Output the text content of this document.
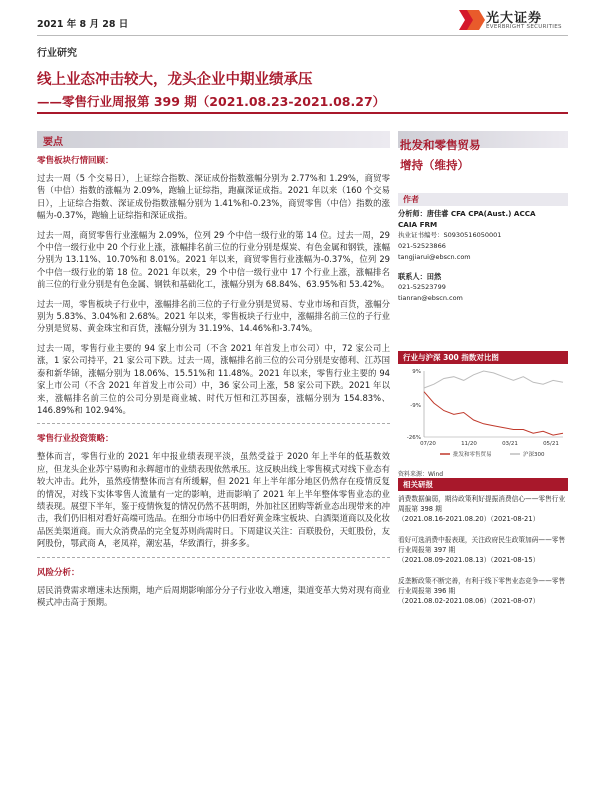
2021 年 8 月 28 日	光大证券
EVERBRIGHT SECURITIES
行业研究
线上业态冲击较大，龙头企业中期业绩承压
——零售行业周报第 399 期（2021.08.23-2021.08.27）
要点
零售板块行情回顾：
过去一周（5 个交易日），上证综合指数、深证成份指数涨幅分别为 2.77%和 1.29%，商贸零售（中信）指数的涨幅为 2.09%，跑输上证综指，跑赢深证成指。2021 年以来（160 个交易日），上证综合指数、深证成份指数涨幅分别为 1.41%和-0.23%，商贸零售（中信）指数的涨幅为-0.37%，跑输上证综指和深证成指。
过去一周，商贸零售行业涨幅为 2.09%，位列 29 个中信一级行业的第 14 位。过去一周，29 个中信一级行业中 20 个行业上涨，涨幅排名前三位的行业分别是煤炭、有色金属和钢铁，涨幅分别为 13.11%、10.70%和 8.01%。2021 年以来，商贸零售行业涨幅为-0.37%，位列 29 个中信一级行业的第 18 位。2021 年以来，29 个中信一级行业中 17 个行业上涨，涨幅排名前三位的行业分别是有色金属、钢铁和基础化工，涨幅分别为 68.84%、63.95%和 53.42%。
过去一周，零售板块子行业中，涨幅排名前三位的子行业分别是贸易、专业市场和百货，涨幅分别为 5.83%、3.04%和 2.68%。2021 年以来，零售板块子行业中，涨幅排名前三位的子行业分别是贸易、黄金珠宝和百货，涨幅分别为 31.19%、14.46%和-3.74%。
过去一周，零售行业主要的 94 家上市公司（不含 2021 年首发上市公司）中，72 家公司上涨，1 家公司持平，21 家公司下跌。过去一周，涨幅排名前三位的公司分别是安德利、江苏国泰和新华锦，涨幅分别为 18.06%、15.51%和 11.48%。2021 年以来，零售行业主要的 94 家上市公司（不含 2021 年首发上市公司）中，36 家公司上涨，58 家公司下跌。2021 年以来，涨幅排名前三位的公司分别是商业城、时代万恒和江苏国泰，涨幅分别为 154.83%、146.89%和 102.94%。
零售行业投资策略：
整体而言，零售行业的 2021 年中报业绩表现平淡，虽然受益于 2020 年上半年的低基数效应，但龙头企业苏宁易购和永辉超市的业绩表现依然承压。这反映出线上零售模式对线下业态有较大冲击。此外，虽然疫情整体而言有所缓解，但 2021 年上半年部分地区仍然存在疫情反复的情况，对线下实体零售人流量有一定的影响，进而影响了 2021 年上半年整体零售业态的业绩表现。展望下半年，鉴于疫情恢复的情况仍然不甚明朗，外加社区团购等新业态出现带来的冲击，我们仍旧相对看好高端可选品。在细分市场中仍旧看好黄金珠宝板块、白酒渠道商以及化妆品医美渠道商。而大众消费品的完全复苏则尚需时日。下周建议关注：百联股份，天虹股份，友阿股份，鄂武商 A，老凤祥，潮宏基，华致酒行，拼多多。
风险分析：
居民消费需求增速未达预期，地产后周期影响部分分子行业收入增速，渠道变革大势对现有商业模式冲击高于预期。
批发和零售贸易
增持（维持）
作者
分析师：唐佳睿 CFA CPA(Aust.) ACCA
CAIA FRM
执业证书编号：S0930516050001
021-52523866
tangjiarui@ebscn.com
联系人：田然
021-52523799
tianran@ebscn.com
行业与沪深 300 指数对比图
9%
-9%
-26%
07/20	11/20	03/21	05/21
批发和零售贸易	沪深300
资料来源：Wind
相关研报
消费数据偏弱，期待政策利好提振消费信心——零售行业周报第 398 期
（2021.08.16-2021.08.20）（2021-08-21）
看好可选消费中报表现，关注政府民生政策加码——零售行业周报第 397 期
（2021.08.09-2021.08.13）（2021-08-15）
反垄断政策不断完善，有利于线下零售业态竞争——零售行业周报第 396 期
（2021.08.02-2021.08.06）（2021-08-07）
